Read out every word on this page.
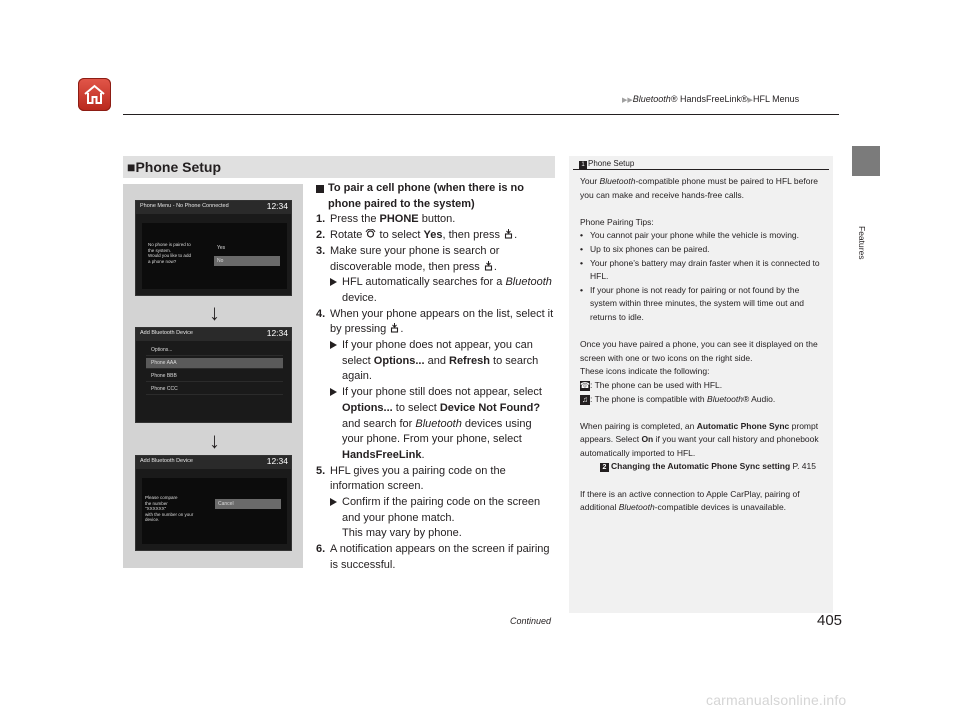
▶▶Bluetooth® HandsFreeLink®▶HFL Menus
Features
■Phone Setup
Phone Menu - No Phone Connected	12:34
No phone is paired to
the system.
Would you like to add
a phone now?
Yes
No
↓
Add Bluetooth Device	12:34
Options...
Phone AAA
Phone BBB
Phone CCC
↓
Add Bluetooth Device	12:34
Please compare
the number
"XXXXXX"
with the number on your
device.
Cancel
To pair a cell phone (when there is no phone paired to the system)
1. Press the PHONE button.
2. Rotate  to select Yes, then press .
3. Make sure your phone is search or discoverable mode, then press .
HFL automatically searches for a Bluetooth device.
4. When your phone appears on the list, select it by pressing .
If your phone does not appear, you can select Options... and Refresh to search again.
If your phone still does not appear, select Options... to select Device Not Found? and search for Bluetooth devices using your phone. From your phone, select HandsFreeLink.
5. HFL gives you a pairing code on the information screen.
Confirm if the pairing code on the screen and your phone match.
This may vary by phone.
6. A notification appears on the screen if pairing is successful.
1 Phone Setup
Your Bluetooth-compatible phone must be paired to HFL before you can make and receive hands-free calls.
Phone Pairing Tips:
• You cannot pair your phone while the vehicle is moving.
• Up to six phones can be paired.
• Your phone’s battery may drain faster when it is connected to HFL.
• If your phone is not ready for pairing or not found by the system within three minutes, the system will time out and returns to idle.
Once you have paired a phone, you can see it displayed on the screen with one or two icons on the right side.
These icons indicate the following:
☎ : The phone can be used with HFL.
♫ : The phone is compatible with Bluetooth® Audio.
When pairing is completed, an Automatic Phone Sync prompt appears. Select On if you want your call history and phonebook automatically imported to HFL.
2 Changing the Automatic Phone Sync setting P. 415
If there is an active connection to Apple CarPlay, pairing of additional Bluetooth-compatible devices is unavailable.
Continued	405
carmanualsonline.info
